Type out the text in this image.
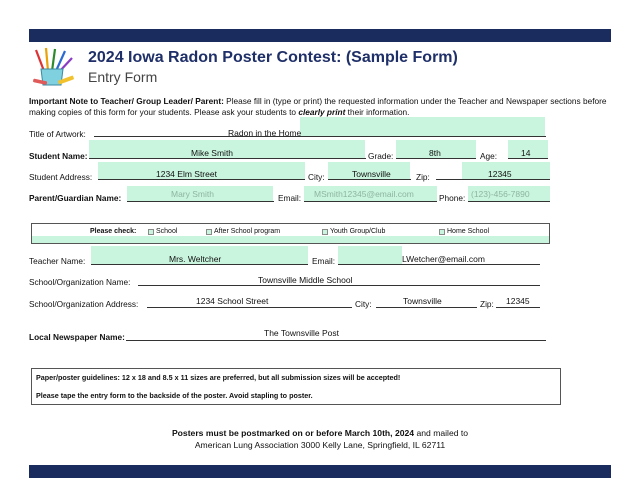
2024 Iowa Radon Poster Contest: (Sample Form)
Entry Form
Important Note to Teacher/ Group Leader/ Parent: Please fill in (type or print) the requested information under the Teacher and Newspaper sections before making copies of this form for your students. Please ask your students to clearly print their information.
Title of Artwork:	Radon in the Home
Student Name:	Mike Smith	Grade:	8th	Age:	14
Student Address:	1234 Elm Street	City:	Townsville	Zip:	12345
Parent/Guardian Name:	Mary Smith	Email: MSmith12345@email.com	Phone: (123)-456-7890
Please check:	School	After School program	Youth Group/Club	Home School
Teacher Name:	Mrs. Weltcher	Email:	LWetcher@email.com
School/Organization Name:	Townsville Middle School
School/Organization Address:	1234 School Street	City:	Townsville	Zip: 12345
Local Newspaper Name:	The Townsville Post
Paper/poster guidelines: 12 x 18 and 8.5 x 11 sizes are preferred, but all submission sizes will be accepted!
Please tape the entry form to the backside of the poster. Avoid stapling to poster.
Posters must be postmarked on or before March 10th, 2024 and mailed to
American Lung Association 3000 Kelly Lane, Springfield, IL 62711
